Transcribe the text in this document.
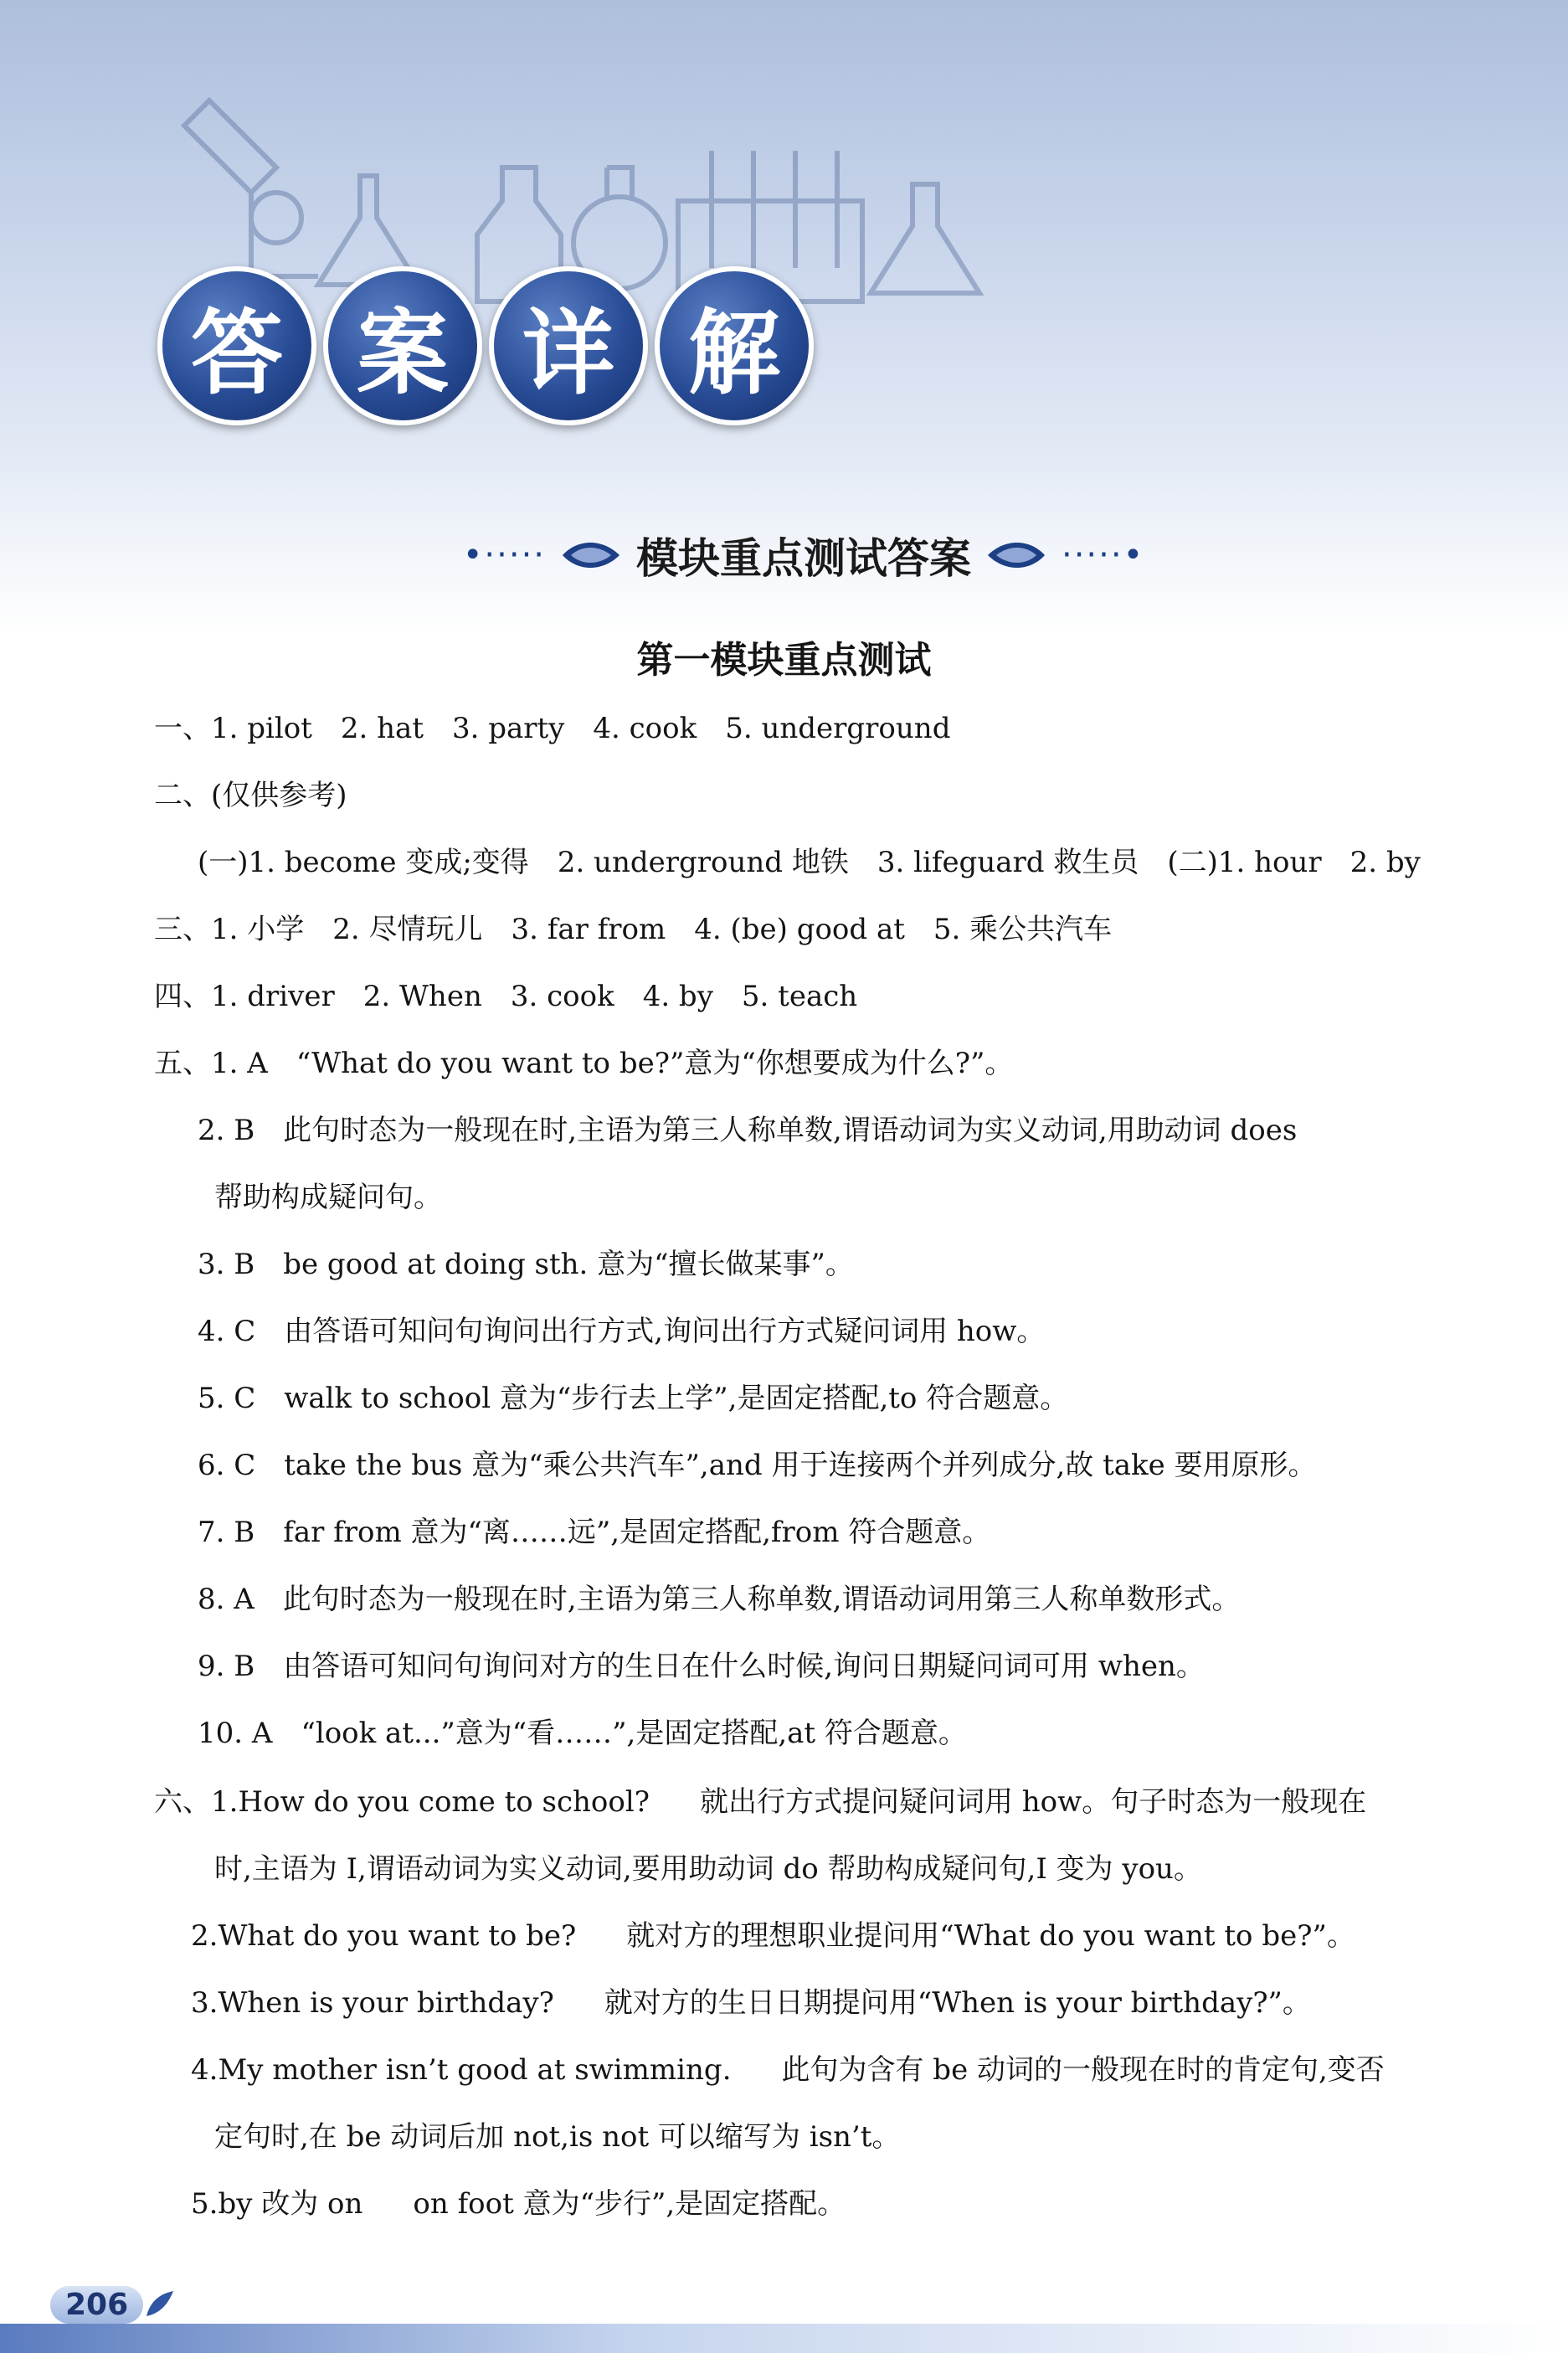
答 案 详 解
•····· 模块重点测试答案	·····•
第一模块重点测试
一、1. pilot 2. hat 3. party 4. cook 5. underground
二、(仅供参考)
(一)1. become 变成;变得 2. underground 地铁 3. lifeguard 救生员 (二)1. hour 2. by
三、1. 小学 2. 尽情玩儿 3. far from 4. (be) good at 5. 乘公共汽车
四、1. driver 2. When 3. cook 4. by 5. teach
五、1. A “What do you want to be?”意为“你想要成为什么?”。
2. B 此句时态为一般现在时,主语为第三人称单数,谓语动词为实义动词,用助动词 does
帮助构成疑问句。
3. B be good at doing sth. 意为“擅长做某事”。
4. C 由答语可知问句询问出行方式,询问出行方式疑问词用 how。
5. C walk to school 意为“步行去上学”,是固定搭配,to 符合题意。
6. C take the bus 意为“乘公共汽车”,and 用于连接两个并列成分,故 take 要用原形。
7. B far from 意为“离……远”,是固定搭配,from 符合题意。
8. A 此句时态为一般现在时,主语为第三人称单数,谓语动词用第三人称单数形式。
9. B 由答语可知问句询问对方的生日在什么时候,询问日期疑问词可用 when。
10. A “look at...”意为“看……”,是固定搭配,at 符合题意。
六、1.How do you come to school? 就出行方式提问疑问词用 how。句子时态为一般现在
时,主语为 I,谓语动词为实义动词,要用助动词 do 帮助构成疑问句,I 变为 you。
2.What do you want to be? 就对方的理想职业提问用“What do you want to be?”。
3.When is your birthday? 就对方的生日日期提问用“When is your birthday?”。
4.My mother isn’t good at swimming. 此句为含有 be 动词的一般现在时的肯定句,变否
定句时,在 be 动词后加 not,is not 可以缩写为 isn’t。
5.by 改为 on on foot 意为“步行”,是固定搭配。
206
